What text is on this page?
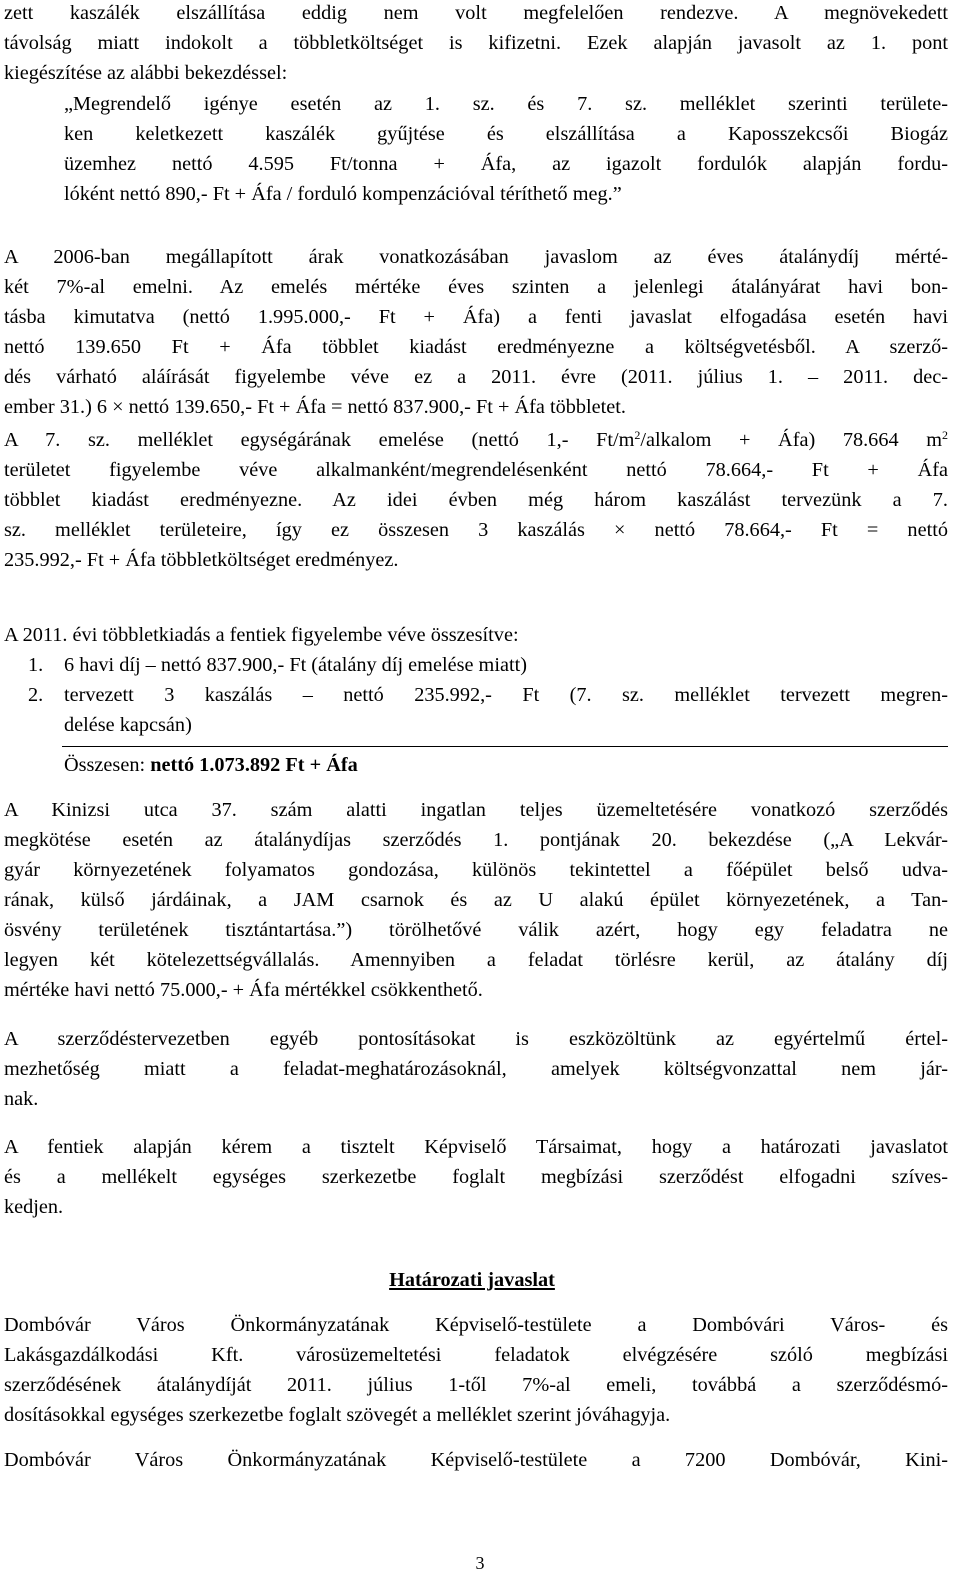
zett kaszálék elszállítása eddig nem volt megfelelően rendezve. A megnövekedett
távolság miatt indokolt a többletköltséget is kifizetni. Ezek alapján javasolt az 1. pont
kiegészítése az alábbi bekezdéssel:
„Megrendelő igénye esetén az 1. sz. és 7. sz. melléklet szerinti területe-
ken keletkezett kaszálék gyűjtése és elszállítása a Kaposszekcsői Biogáz
üzemhez nettó 4.595 Ft/tonna + Áfa, az igazolt fordulók alapján fordu-
lóként nettó 890,- Ft + Áfa / forduló kompenzációval téríthető meg.”
A 2006-ban megállapított árak vonatkozásában javaslom az éves átalánydíj mérté-
két 7%-al emelni. Az emelés mértéke éves szinten a jelenlegi átalányárat havi bon-
tásba kimutatva (nettó 1.995.000,- Ft + Áfa) a fenti javaslat elfogadása esetén havi
nettó 139.650 Ft + Áfa többlet kiadást eredményezne a költségvetésből. A szerző-
dés várható aláírását figyelembe véve ez a 2011. évre (2011. július 1. – 2011. dec-
ember 31.) 6 × nettó 139.650,- Ft + Áfa = nettó 837.900,- Ft + Áfa többletet.
A 7. sz. melléklet egységárának emelése (nettó 1,- $Ft/m^2$/alkalom + Áfa) 78.664 $m^2$
területet figyelembe véve alkalmanként/megrendelésenként nettó 78.664,- Ft + Áfa
többlet kiadást eredményezne. Az idei évben még három kaszálást tervezünk a 7.
sz. melléklet területeire, így ez összesen 3 kaszálás × nettó 78.664,- Ft = nettó
235.992,- Ft + Áfa többletköltséget eredményez.
A 2011. évi többletkiadás a fentiek figyelembe véve összesítve:
1. 6 havi díj – nettó 837.900,- Ft (átalány díj emelése miatt)
2. tervezett 3 kaszálás – nettó 235.992,- Ft (7. sz. melléklet tervezett megren-
delése kapcsán)
Összesen: nettó 1.073.892 Ft + Áfa
A Kinizsi utca 37. szám alatti ingatlan teljes üzemeltetésére vonatkozó szerződés
megkötése esetén az átalánydíjas szerződés 1. pontjának 20. bekezdése („A Lekvár-
gyár környezetének folyamatos gondozása, különös tekintettel a főépület belső udva-
rának, külső járdáinak, a JAM csarnok és az U alakú épület környezetének, a Tan-
ösvény területének tisztántartása.”) törölhetővé válik azért, hogy egy feladatra ne
legyen két kötelezettségvállalás. Amennyiben a feladat törlésre kerül, az átalány díj
mértéke havi nettó 75.000,- + Áfa mértékkel csökkenthető.
A szerződéstervezetben egyéb pontosításokat is eszközöltünk az egyértelmű értel-
mezhetőség miatt a feladat-meghatározásoknál, amelyek költségvonzattal nem jár-
nak.
A fentiek alapján kérem a tisztelt Képviselő Társaimat, hogy a határozati javaslatot
és a mellékelt egységes szerkezetbe foglalt megbízási szerződést elfogadni szíves-
kedjen.
Határozati javaslat
Dombóvár Város Önkormányzatának Képviselő-testülete a Dombóvári Város- és
Lakásgazdálkodási Kft. városüzemeltetési feladatok elvégzésére szóló megbízási
szerződésének átalánydíját 2011. július 1-től 7%-al emeli, továbbá a szerződésmó-
dosításokkal egységes szerkezetbe foglalt szövegét a melléklet szerint jóváhagyja.
Dombóvár Város Önkormányzatának Képviselő-testülete a 7200 Dombóvár, Kini-
3
